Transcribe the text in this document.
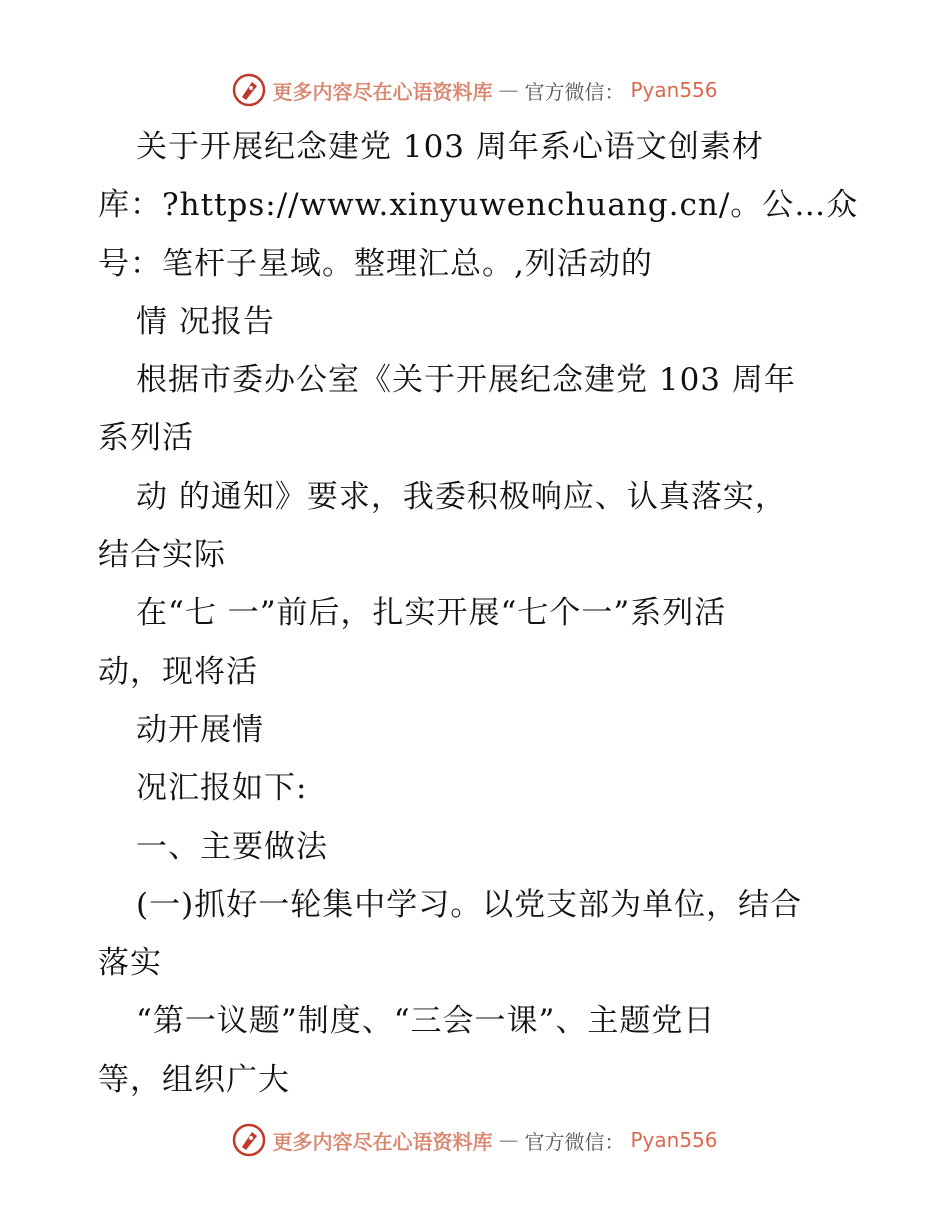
更多内容尽在心语资料库 — 官方微信： Pyan556
关于开展纪念建党 103 周年系心语文创素材
库：?https://www.xinyuwenchuang.cn/。公…众
号：笔杆子星域。整理汇总。,列活动的
情 况报告
根据市委办公室《关于开展纪念建党 103 周年
系列活
动 的通知》要求，我委积极响应、认真落实，
结合实际
在“七 一”前后，扎实开展“七个一”系列活
动，现将活
动开展情
况汇报如下:
一、主要做法
(一)抓好一轮集中学习。以党支部为单位，结合
落实
“第一议题”制度、“三会一课”、主题党日
等，组织广大
更多内容尽在心语资料库 — 官方微信： Pyan556
